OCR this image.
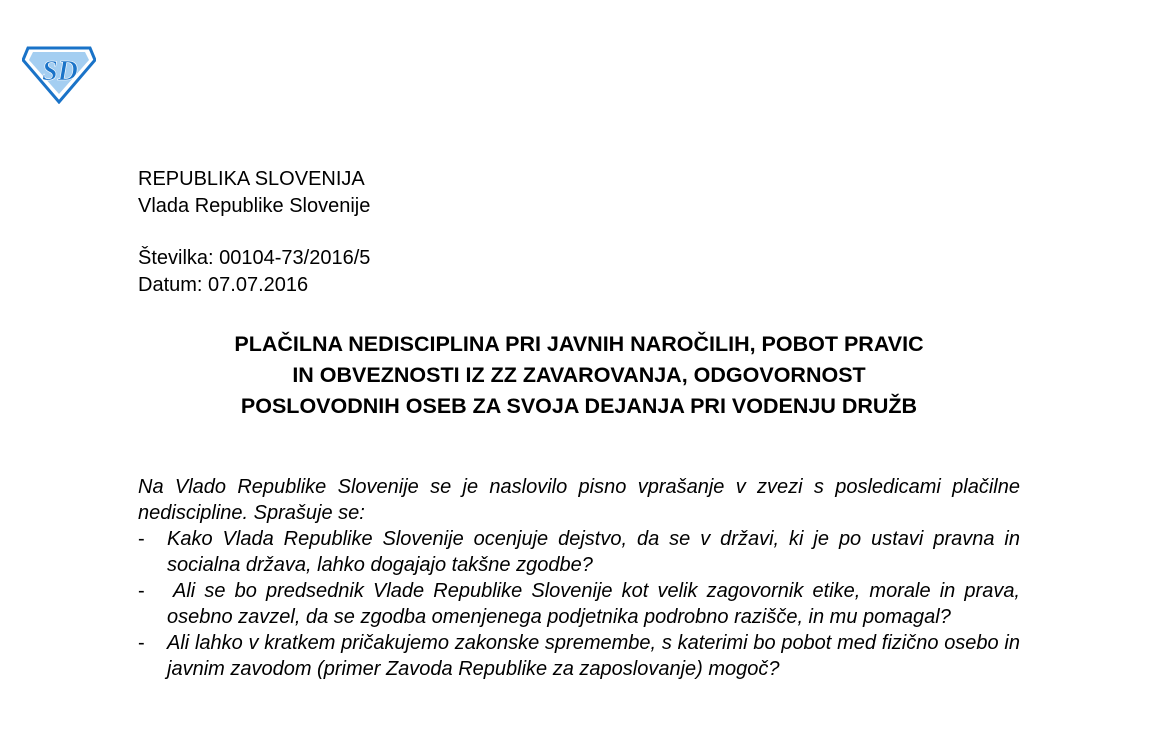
SD
REPUBLIKA SLOVENIJA
Vlada Republike Slovenije
Številka: 00104-73/2016/5
Datum: 07.07.2016
PLAČILNA NEDISCIPLINA PRI JAVNIH NAROČILIH, POBOT PRAVIC
IN OBVEZNOSTI IZ ZZ ZAVAROVANJA, ODGOVORNOST
POSLOVODNIH OSEB ZA SVOJA DEJANJA PRI VODENJU DRUŽB

Na Vlado Republike Slovenije se je naslovilo pisno vprašanje v zvezi s posledicami plačilne nediscipline. Sprašuje se:

-	Kako Vlada Republike Slovenije ocenjuje dejstvo, da se v državi, ki je po ustavi pravna in socialna država, lahko dogajajo takšne zgodbe?
-	Ali se bo predsednik Vlade Republike Slovenije kot velik zagovornik etike, morale in prava, osebno zavzel, da se zgodba omenjenega podjetnika podrobno razišče, in mu pomagal?
-	Ali lahko v kratkem pričakujemo zakonske spremembe, s katerimi bo pobot med fizično osebo in javnim zavodom (primer Zavoda Republike za zaposlovanje) mogoč?
